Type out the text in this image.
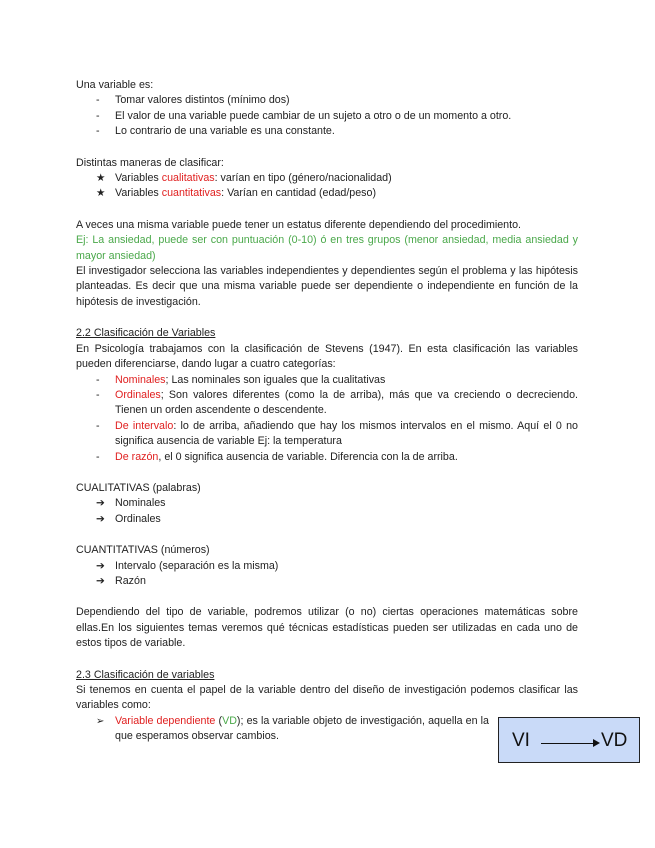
Una variable es:

- Tomar valores distintos (mínimo dos)
- El valor de una variable puede cambiar de un sujeto a otro o de un momento a otro.
- Lo contrario de una variable es una constante.

Distintas maneras de clasificar:

★ Variables cualitativas: varían en tipo (género/nacionalidad)
★ Variables cuantitativas: Varían en cantidad (edad/peso)

A veces una misma variable puede tener un estatus diferente dependiendo del procedimiento.

Ej: La ansiedad, puede ser con puntuación (0-10) ó en tres grupos (menor ansiedad, media ansiedad y mayor ansiedad)

El investigador selecciona las variables independientes y dependientes según el problema y las hipótesis planteadas. Es decir que una misma variable puede ser dependiente o independiente en función de la hipótesis de investigación.

2.2 Clasificación de Variables

En Psicología trabajamos con la clasificación de Stevens (1947). En esta clasificación las variables pueden diferenciarse, dando lugar a cuatro categorías:

- Nominales; Las nominales son iguales que la cualitativas
- Ordinales; Son valores diferentes (como la de arriba), más que va creciendo o decreciendo. Tienen un orden ascendente o descendente.
- De intervalo: lo de arriba, añadiendo que hay los mismos intervalos en el mismo. Aquí el 0 no significa ausencia de variable Ej: la temperatura
- De razón, el 0 significa ausencia de variable. Diferencia con la de arriba.

CUALITATIVAS (palabras)

➔ Nominales
➔ Ordinales

CUANTITATIVAS (números)

➔ Intervalo (separación es la misma)
➔ Razón

Dependiendo del tipo de variable, podremos utilizar (o no) ciertas operaciones matemáticas sobre ellas.En los siguientes temas veremos qué técnicas estadísticas pueden ser utilizadas en cada uno de estos tipos de variable.

2.3 Clasificación de variables

Si tenemos en cuenta el papel de la variable dentro del diseño de investigación podemos clasificar las variables como:

➢ Variable dependiente (VD); es la variable objeto de investigación, aquella en la que esperamos observar cambios.	VI	VD
